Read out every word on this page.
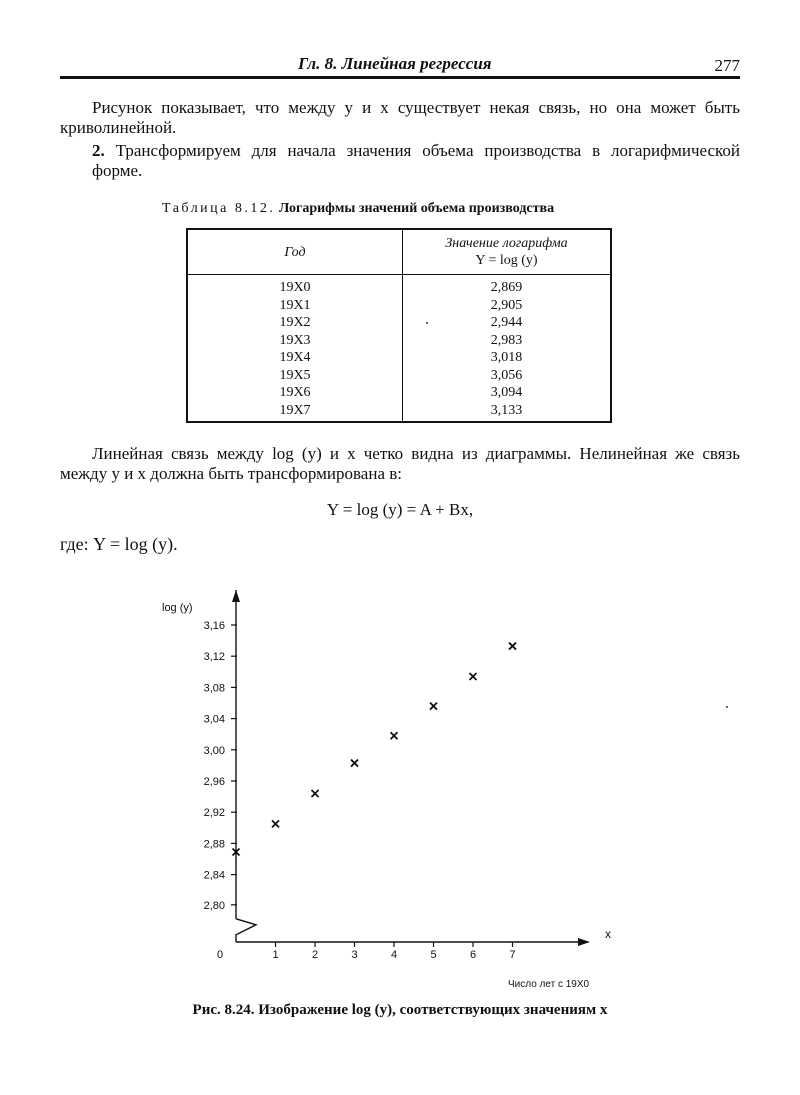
Гл. 8. Линейная регрессия	277
Рисунок показывает, что между y и x существует некая связь, но она может быть криволинейной.
2. Трансформируем для начала значения объема производства в логарифмической форме.
Таблица 8.12. Логарифмы значений объема производства
Год	Значение логарифма
Y = log (y)
19X0	2,869
19X1	2,905
19X2	2,944
19X3	2,983
19X4	3,018
19X5	3,056
19X6	3,094
19X7	3,133
Линейная связь между log (y) и x четко видна из диаграммы. Нелинейная же связь между y и x должна быть трансформирована в:
Y = log (y) = A + Bx,
где: Y = log (y).
3,16
3,12
3,08
3,04
3,00
2,96
2,92
2,88
2,84
2,80
1	2	3	4	5	6	7
log (y)
Число лет с 19X0
0
x
Рис. 8.24. Изображение log (y), соответствующих значениям x
